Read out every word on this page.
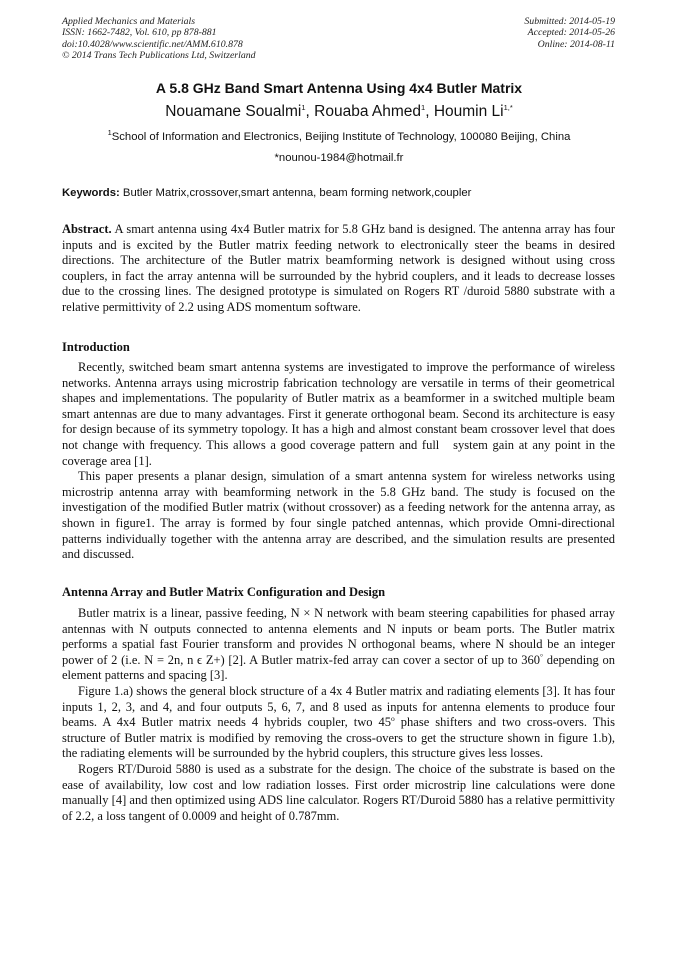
Applied Mechanics and Materials
ISSN: 1662-7482, Vol. 610, pp 878-881
doi:10.4028/www.scientific.net/AMM.610.878
© 2014 Trans Tech Publications Ltd, Switzerland
Submitted: 2014-05-19
Accepted: 2014-05-26
Online: 2014-08-11
A 5.8 GHz Band Smart Antenna Using 4x4 Butler Matrix
Nouamane Soualmi$^1$, Rouaba Ahmed$^1$, Houmin $Li^{1,*}$
$^1$School of Information and Electronics, Beijing Institute of Technology, 100080 Beijing, China
*nounou-1984@hotmail.fr
Keywords: Butler Matrix,crossover,smart antenna, beam forming network,coupler

Abstract. A smart antenna using 4x4 Butler matrix for 5.8 GHz band is designed. The antenna array has four inputs and is excited by the Butler matrix feeding network to electronically steer the beams in desired directions. The architecture of the Butler matrix beamforming network is designed without using cross couplers, in fact the array antenna will be surrounded by the hybrid couplers, and it leads to decrease losses due to the crossing lines. The designed prototype is simulated on Rogers RT /duroid 5880 substrate with a relative permittivity of 2.2 using ADS momentum software.

Introduction

Recently, switched beam smart antenna systems are investigated to improve the performance of wireless networks. Antenna arrays using microstrip fabrication technology are versatile in terms of their geometrical shapes and implementations. The popularity of Butler matrix as a beamformer in a switched multiple beam smart antennas are due to many advantages. First it generate orthogonal beam. Second its architecture is easy for design because of its symmetry topology. It has a high and almost constant beam crossover level that does not change with frequency. This allows a good coverage pattern and full   system gain at any point in the coverage area [1].

This paper presents a planar design, simulation of a smart antenna system for wireless networks using microstrip antenna array with beamforming network in the 5.8 GHz band. The study is focused on the investigation of the modified Butler matrix (without crossover) as a feeding network for the antenna array, as shown in figure1. The array is formed by four single patched antennas, which provide Omni-directional patterns individually together with the antenna array are described, and the simulation results are presented and discussed.

Antenna Array and Butler Matrix Configuration and Design

Butler matrix is a linear, passive feeding, N × N network with beam steering capabilities for phased array antennas with N outputs connected to antenna elements and N inputs or beam ports. The Butler matrix performs a spatial fast Fourier transform and provides N orthogonal beams, where N should be an integer power of 2 (i.e. N = 2n, n ϵ Z+) [2]. A Butler matrix-fed array can cover a sector of up to 360° depending on element patterns and spacing [3].

Figure 1.a) shows the general block structure of a 4x 4 Butler matrix and radiating elements [3]. It has four inputs 1, 2, 3, and 4, and four outputs 5, 6, 7, and 8 used as inputs for antenna elements to produce four beams. A 4x4 Butler matrix needs 4 hybrids coupler, two 45$^o$ phase shifters and two cross-overs. This structure of Butler matrix is modified by removing the cross-overs to get the structure shown in figure 1.b), the radiating elements will be surrounded by the hybrid couplers, this structure gives less losses.

Rogers RT/Duroid 5880 is used as a substrate for the design. The choice of the substrate is based on the ease of availability, low cost and low radiation losses. First order microstrip line calculations were done manually [4] and then optimized using ADS line calculator. Rogers RT/Duroid 5880 has a relative permittivity of 2.2, a loss tangent of 0.0009 and height of 0.787mm.
